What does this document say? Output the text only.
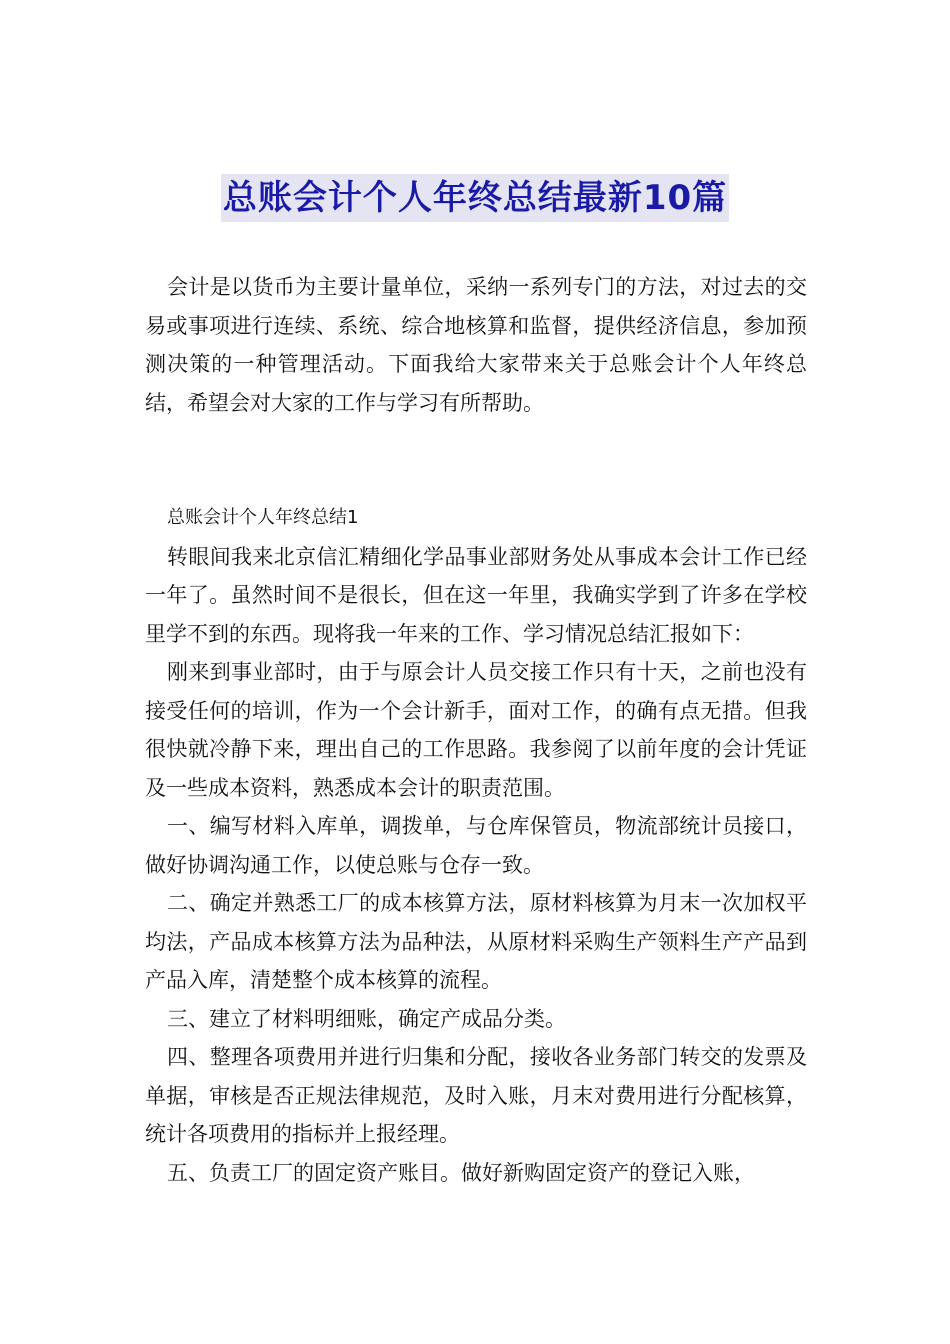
总账会计个人年终总结最新10篇

会计是以货币为主要计量单位，采纳一系列专门的方法，对过去的交易或事项进行连续、系统、综合地核算和监督，提供经济信息，参加预测决策的一种管理活动。下面我给大家带来关于总账会计个人年终总结，希望会对大家的工作与学习有所帮助。

总账会计个人年终总结1

转眼间我来北京信汇精细化学品事业部财务处从事成本会计工作已经一年了。虽然时间不是很长，但在这一年里，我确实学到了许多在学校里学不到的东西。现将我一年来的工作、学习情况总结汇报如下：

刚来到事业部时，由于与原会计人员交接工作只有十天，之前也没有接受任何的培训，作为一个会计新手，面对工作，的确有点无措。但我很快就冷静下来，理出自己的工作思路。我参阅了以前年度的会计凭证及一些成本资料，熟悉成本会计的职责范围。

一、编写材料入库单，调拨单，与仓库保管员，物流部统计员接口，做好协调沟通工作，以使总账与仓存一致。

二、确定并熟悉工厂的成本核算方法，原材料核算为月末一次加权平均法，产品成本核算方法为品种法，从原材料采购生产领料生产产品到产品入库，清楚整个成本核算的流程。

三、建立了材料明细账，确定产成品分类。

四、整理各项费用并进行归集和分配，接收各业务部门转交的发票及单据，审核是否正规法律规范，及时入账，月末对费用进行分配核算，统计各项费用的指标并上报经理。

五、负责工厂的固定资产账目。做好新购固定资产的登记入账，
